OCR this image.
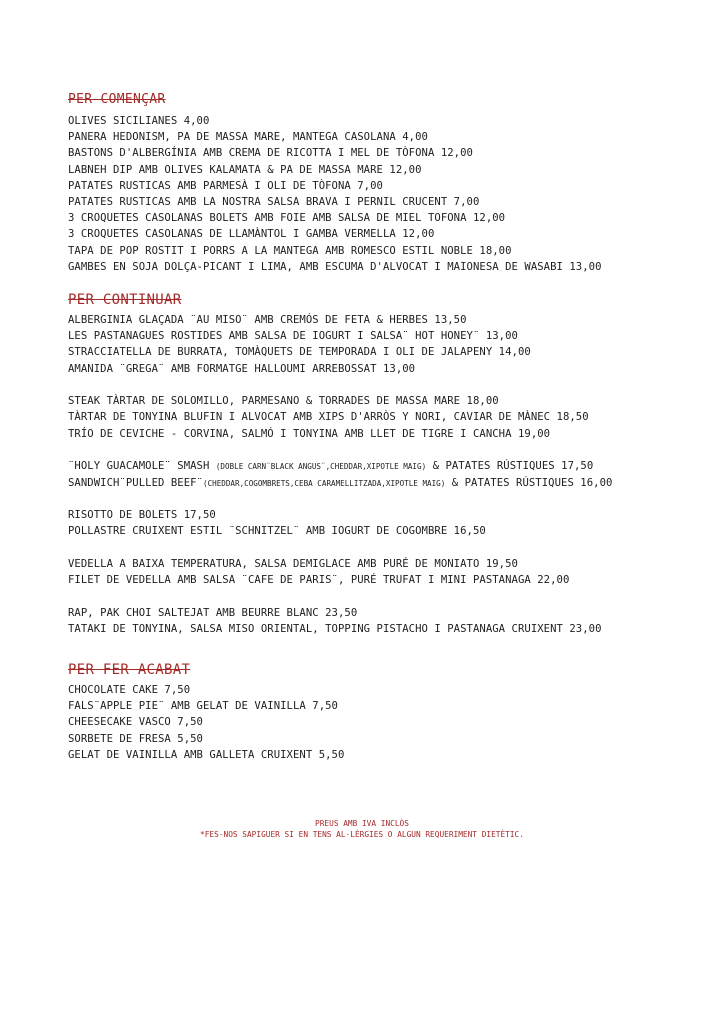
PER COMENÇAR
OLIVES SICILIANES 4,00
PANERA HEDONISM, PA DE MASSA MARE, MANTEGA CASOLANA 4,00
BASTONS D'ALBERGÍNIA AMB CREMA DE RICOTTA I MEL DE TÒFONA 12,00
LABNEH DIP AMB OLIVES KALAMATA & PA DE MASSA MARE 12,00
PATATES RUSTICAS AMB PARMESÀ I OLI DE TÒFONA 7,00
PATATES RUSTICAS AMB LA NOSTRA SALSA BRAVA I PERNIL CRUCENT 7,00
3 CROQUETES CASOLANAS BOLETS AMB FOIE AMB SALSA DE MIEL TOFONA 12,00
3 CROQUETES CASOLANAS DE LLAMÀNTOL I GAMBA VERMELLA 12,00
TAPA DE POP ROSTIT I PORRS A LA MANTEGA AMB ROMESCO ESTIL NOBLE 18,00
GAMBES EN SOJA DOLÇA-PICANT I LIMA, AMB ESCUMA D'ALVOCAT I MAIONESA DE WASABI 13,00
PER CONTINUAR
ALBERGINIA GLAÇADA ¨AU MISO¨ AMB CREMÓS DE FETA & HERBES 13,50
LES PASTANAGUES ROSTIDES AMB SALSA DE IOGURT I SALSA¨ HOT HONEY¨ 13,00
STRACCIATELLA DE BURRATA, TOMÀQUETS DE TEMPORADA I OLI DE JALAPENY 14,00
AMANIDA ¨GREGA¨ AMB FORMATGE HALLOUMI ARREBOSSAT 13,00
STEAK TÀRTAR DE SOLOMILLO, PARMESANO & TORRADES DE MASSA MARE 18,00
TÀRTAR DE TONYINA BLUFIN I ALVOCAT AMB XIPS D'ARRÒS Y NORI, CAVIAR DE MÀNEC 18,50
TRÍO DE CEVICHE - CORVINA, SALMÓ I TONYINA AMB LLET DE TIGRE I CANCHA 19,00
¨HOLY GUACAMOLE¨ SMASH (DOBLE CARN¨BLACK ANGUS¨,CHEDDAR,XIPOTLE MAIG) & PATATES RÚSTIQUES 17,50
SANDWICH¨PULLED BEEF¨(CHEDDAR,COGOMBRETS,CEBA CARAMELLITZADA,XIPOTLE MAIG) & PATATES RÚSTIQUES 16,00
RISOTTO DE BOLETS 17,50
POLLASTRE CRUIXENT ESTIL ¨SCHNITZEL¨ AMB IOGURT DE COGOMBRE 16,50
VEDELLA A BAIXA TEMPERATURA, SALSA DEMIGLACE AMB PURÉ DE MONIATO 19,50
FILET DE VEDELLA AMB SALSA ¨CAFE DE PARIS¨, PURÉ TRUFAT I MINI PASTANAGA 22,00
RAP, PAK CHOI SALTEJAT AMB BEURRE BLANC 23,50
TATAKI DE TONYINA, SALSA MISO ORIENTAL, TOPPING PISTACHO I PASTANAGA CRUIXENT 23,00
PER FER ACABAT
CHOCOLATE CAKE 7,50
FALS¨APPLE PIE¨ AMB GELAT DE VAINILLA 7,50
CHEESECAKE VASCO 7,50
SORBETE DE FRESA 5,50
GELAT DE VAINILLA AMB GALLETA CRUIXENT 5,50
PREUS AMB IVA INCLÒS
*FES-NOS SAPIGUER SI EN TENS AL·LÈRGIES O ALGUN REQUERIMENT DIETÈTIC.
